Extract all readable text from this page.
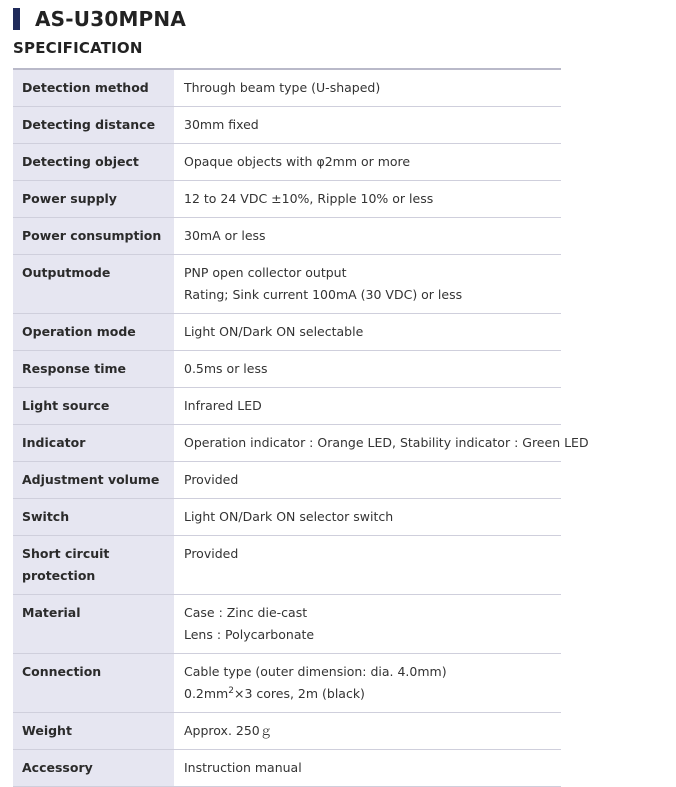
AS-U30MPNA
SPECIFICATION
Detection method	Through beam type (U-shaped)

Detecting distance	30mm fixed

Detecting object	Opaque objects with φ2mm or more

Power supply	12 to 24 VDC ±10%, Ripple 10% or less

Power consumption	30mA or less

Outputmode	PNP open collector output
Rating; Sink current 100mA (30 VDC) or less

Operation mode	Light ON/Dark ON selectable

Response time	0.5ms or less

Light source	Infrared LED

Indicator	Operation indicator : Orange LED, Stability indicator : Green LED

Adjustment volume	Provided

Switch	Light ON/Dark ON selector switch

Short circuit protection	Provided

Material	Case : Zinc die-cast
Lens : Polycarbonate

Connection	Cable type (outer dimension: dia. 4.0mm)
$0.2mm^2\times 3$ cores, 2m (black)

Weight	Approx. 250ｇ

Accessory	Instruction manual
